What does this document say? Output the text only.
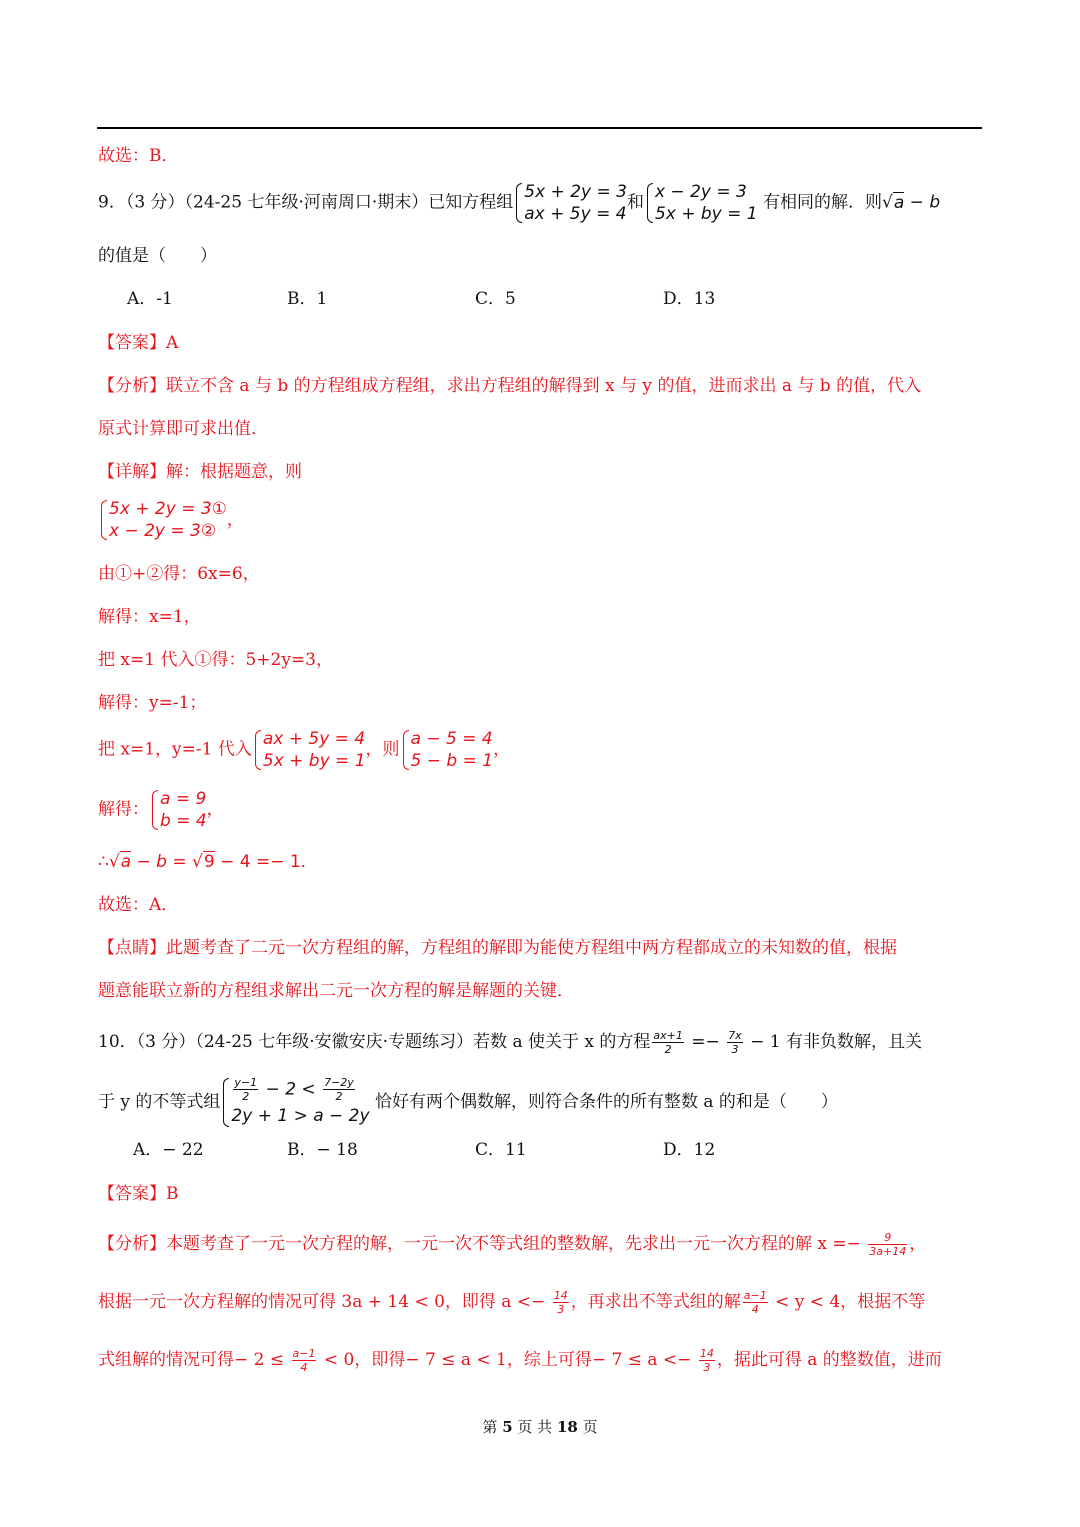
故选：B．
9．（3 分）（24-25 七年级·河南周口·期末）已知方程组
5x + 2y = 3
ax + 5y = 4
和
x − 2y = 3
5x + by = 1
有相同的解．则√a − b
的值是（　　）
A．-1	B．1	C．5	D．13
【答案】A
【分析】联立不含 a 与 b 的方程组成方程组，求出方程组的解得到 x 与 y 的值，进而求出 a 与 b 的值，代入
原式计算即可求出值．
【详解】解：根据题意，则
5x + 2y = 3①
x − 2y = 3②
，
由①+②得：6x=6，
解得：x=1，
把 x=1 代入①得：5+2y=3，
解得：y=-1；
把 x=1，y=-1 代入
ax + 5y = 4
5x + by = 1
，则
a − 5 = 4
5 − b = 1
，
解得：
a = 9
b = 4
，
∴√a − b = √9 − 4 =− 1．
故选：A．
【点睛】此题考查了二元一次方程组的解，方程组的解即为能使方程组中两方程都成立的未知数的值，根据
题意能联立新的方程组求解出二元一次方程的解是解题的关键．
10．（3 分）（24-25 七年级·安徽安庆·专题练习）若数 a 使关于 x 的方程 $\frac{ax+1}{2} =- \frac{7x}{3} - 1$ 有非负数解，且关
于 y 的不等式组 $\frac{y-1}{2} - 2 < \frac{7-2y}{2}$
2y + 1 > a − 2y
恰好有两个偶数解，则符合条件的所有整数 a 的和是（　　）
A．− 22	B．− 18	C．11	D．12
【答案】B
【分析】本题考查了一元一次方程的解，一元一次不等式组的整数解，先求出一元一次方程的解 $x =- \frac{9}{3a+14}$ ，
根据一元一次方程解的情况可得 3a + 14 < 0，即得 $a <- \frac{14}{3}$ ，再求出不等式组的解 $\frac{a-1}{4} < y < 4$，根据不等
式组解的情况可得− $2 \le \frac{a-1}{4} < 0$，即得− 7 ≤ a < 1，综上可得− $7 \le a <- \frac{14}{3}$ ，据此可得 a 的整数值，进而
第 5 页 共 18 页
